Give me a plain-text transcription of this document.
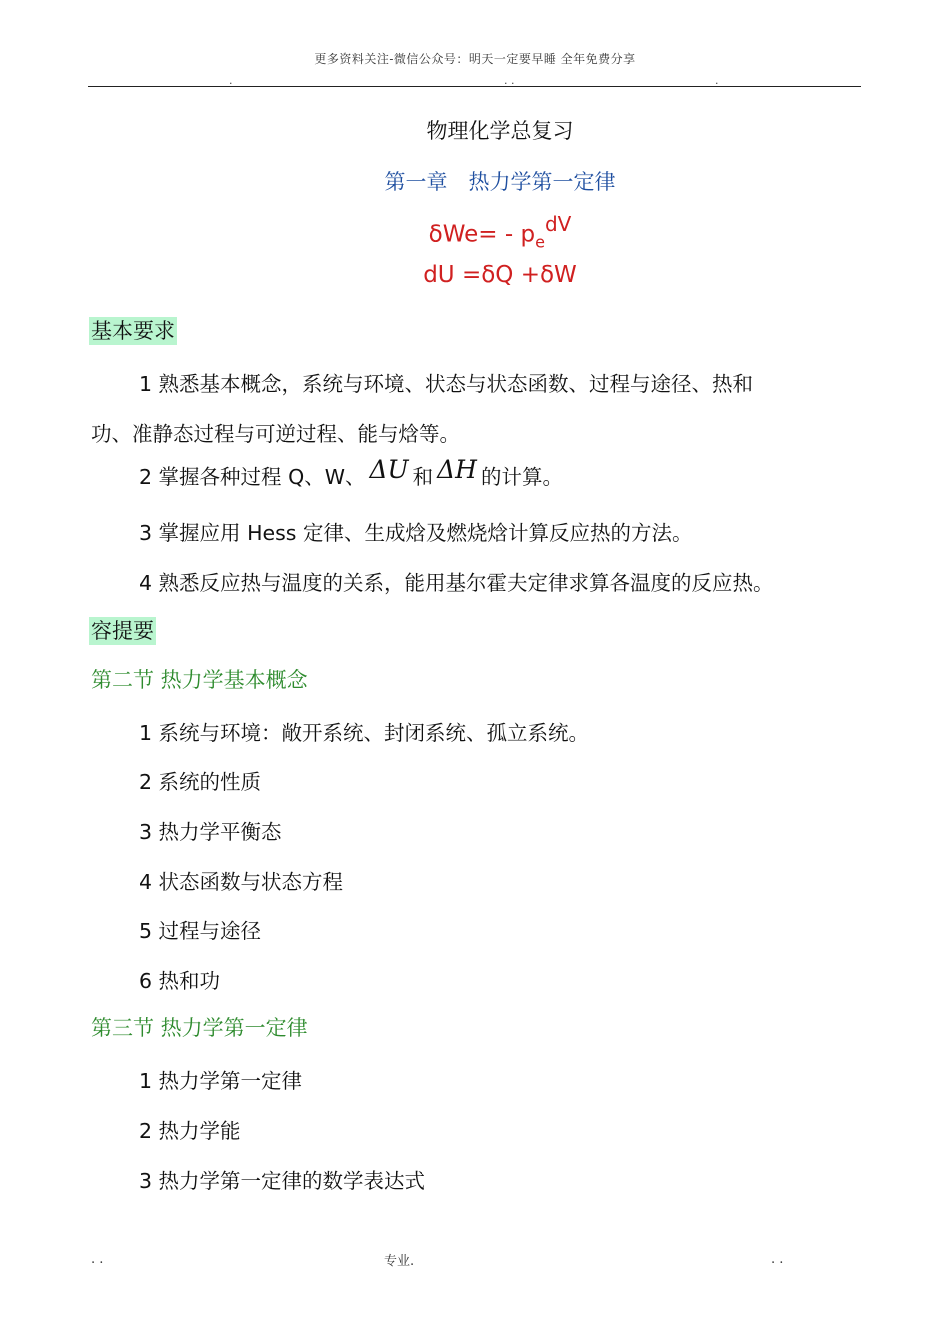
更多资料关注-微信公众号：明天一定要早睡 全年免费分享
.	. .	.
物理化学总复习
第一章　热力学第一定律
$\delta We= - p_e^{dV}$
dU =δQ +δW
基本要求
1 熟悉基本概念，系统与环境、状态与状态函数、过程与途径、热和
功、准静态过程与可逆过程、能与焓等。
2 掌握各种过程 Q、W、 ΔU 和 ΔH 的计算。
3 掌握应用 Hess 定律、生成焓及燃烧焓计算反应热的方法。
4 熟悉反应热与温度的关系，能用基尔霍夫定律求算各温度的反应热。
容提要
第二节 热力学基本概念
1 系统与环境：敞开系统、封闭系统、孤立系统。
2 系统的性质
3 热力学平衡态
4 状态函数与状态方程
5 过程与途径
6 热和功
第三节 热力学第一定律
1 热力学第一定律
2 热力学能
3 热力学第一定律的数学表达式
. .	专业.	. .
